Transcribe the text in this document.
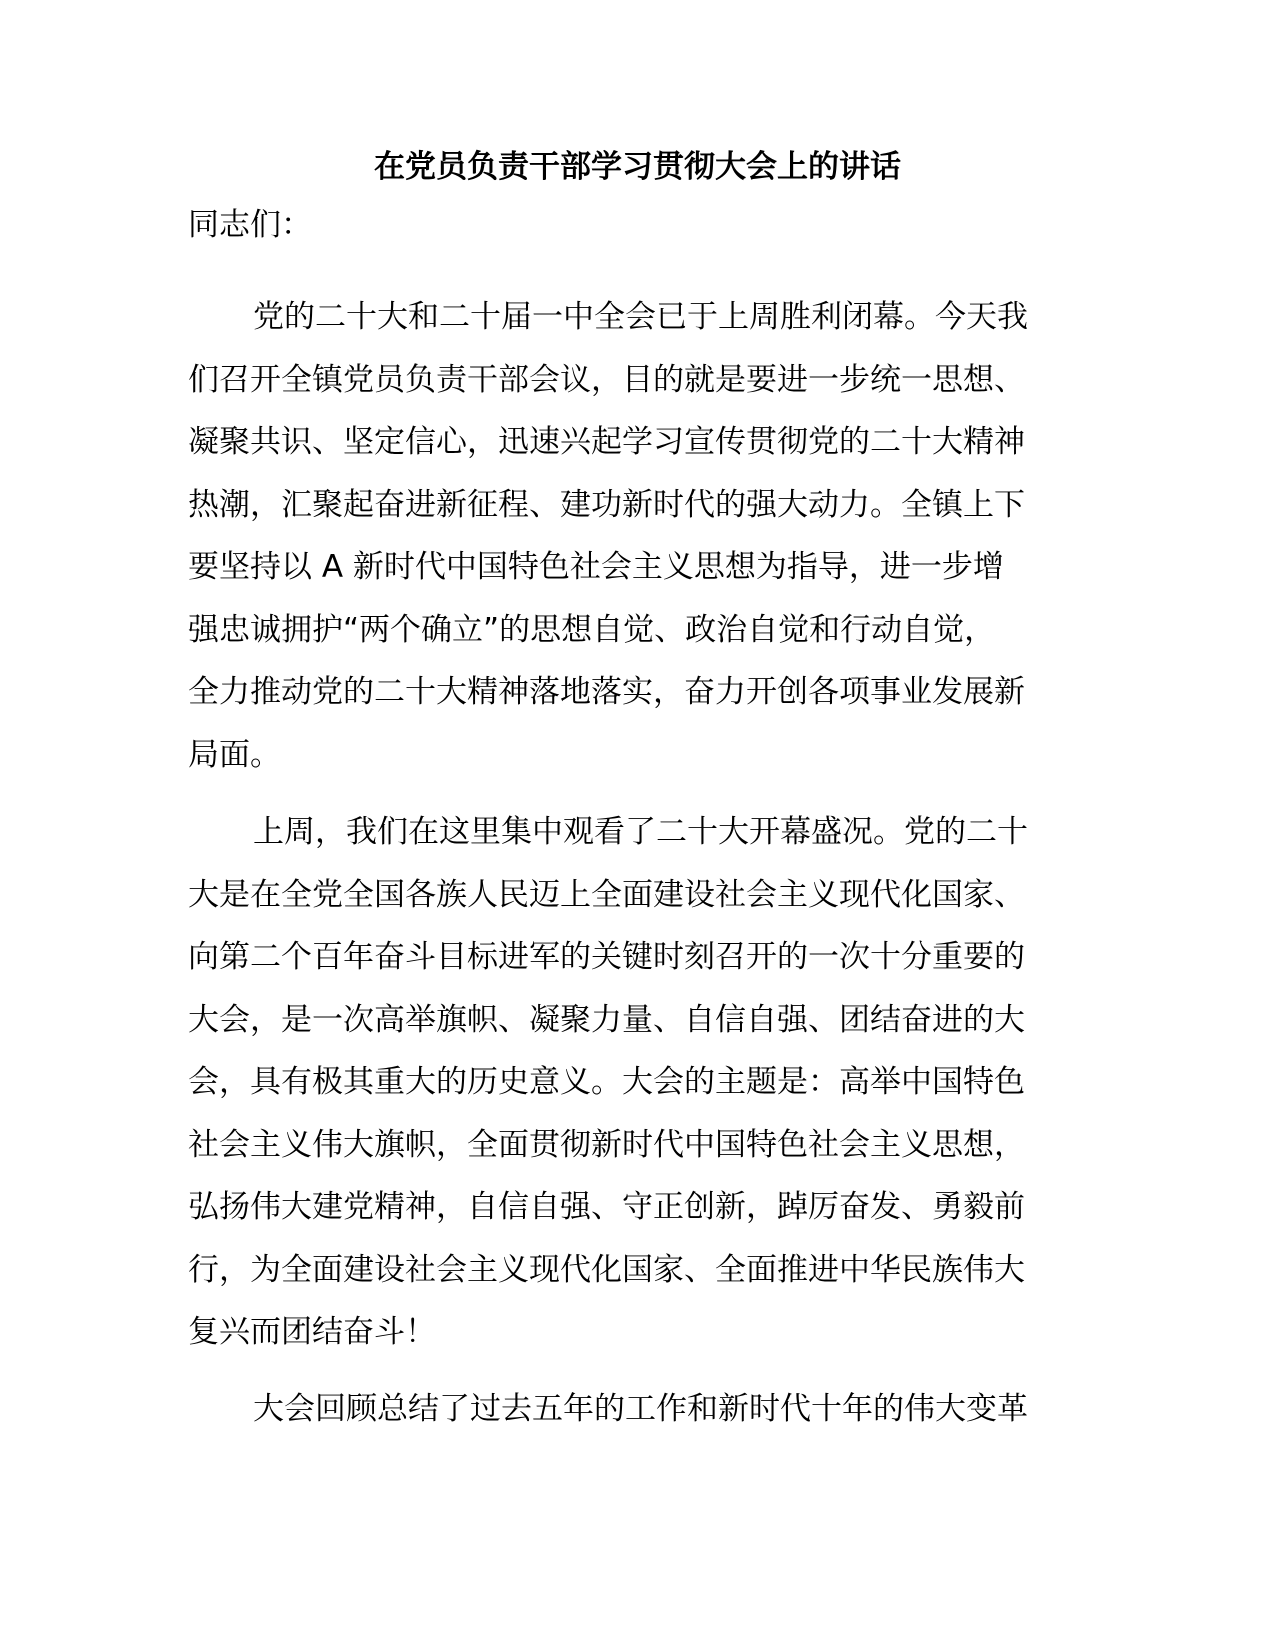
在党员负责干部学习贯彻大会上的讲话
同志们：
党的二十大和二十届一中全会已于上周胜利闭幕。今天我
们召开全镇党员负责干部会议，目的就是要进一步统一思想、
凝聚共识、坚定信心，迅速兴起学习宣传贯彻党的二十大精神
热潮，汇聚起奋进新征程、建功新时代的强大动力。全镇上下
要坚持以 A 新时代中国特色社会主义思想为指导，进一步增
强忠诚拥护“两个确立”的思想自觉、政治自觉和行动自觉，
全力推动党的二十大精神落地落实，奋力开创各项事业发展新
局面。
上周，我们在这里集中观看了二十大开幕盛况。党的二十
大是在全党全国各族人民迈上全面建设社会主义现代化国家、
向第二个百年奋斗目标进军的关键时刻召开的一次十分重要的
大会，是一次高举旗帜、凝聚力量、自信自强、团结奋进的大
会，具有极其重大的历史意义。大会的主题是：高举中国特色
社会主义伟大旗帜，全面贯彻新时代中国特色社会主义思想，
弘扬伟大建党精神，自信自强、守正创新，踔厉奋发、勇毅前
行，为全面建设社会主义现代化国家、全面推进中华民族伟大
复兴而团结奋斗！
大会回顾总结了过去五年的工作和新时代十年的伟大变革
